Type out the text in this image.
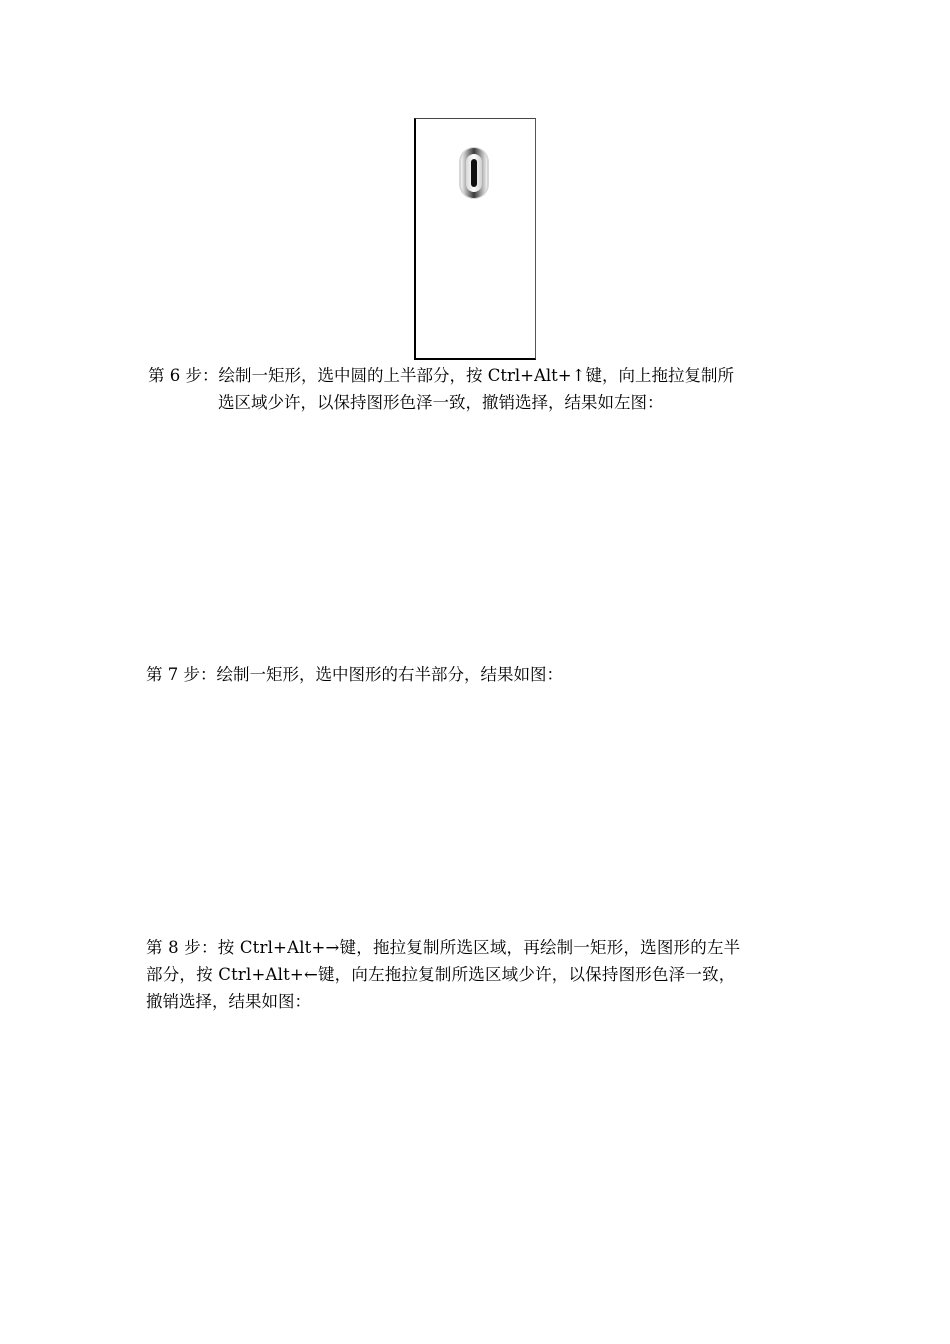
第 6 步：绘制一矩形，选中圆的上半部分，按 Ctrl+Alt+↑键，向上拖拉复制所

选区域少许，以保持图形色泽一致，撤销选择，结果如左图：

第 7 步：绘制一矩形，选中图形的右半部分，结果如图：

第 8 步：按 Ctrl+Alt+→键，拖拉复制所选区域，再绘制一矩形，选图形的左半

部分，按 Ctrl+Alt+←键，向左拖拉复制所选区域少许，以保持图形色泽一致，

撤销选择，结果如图：
